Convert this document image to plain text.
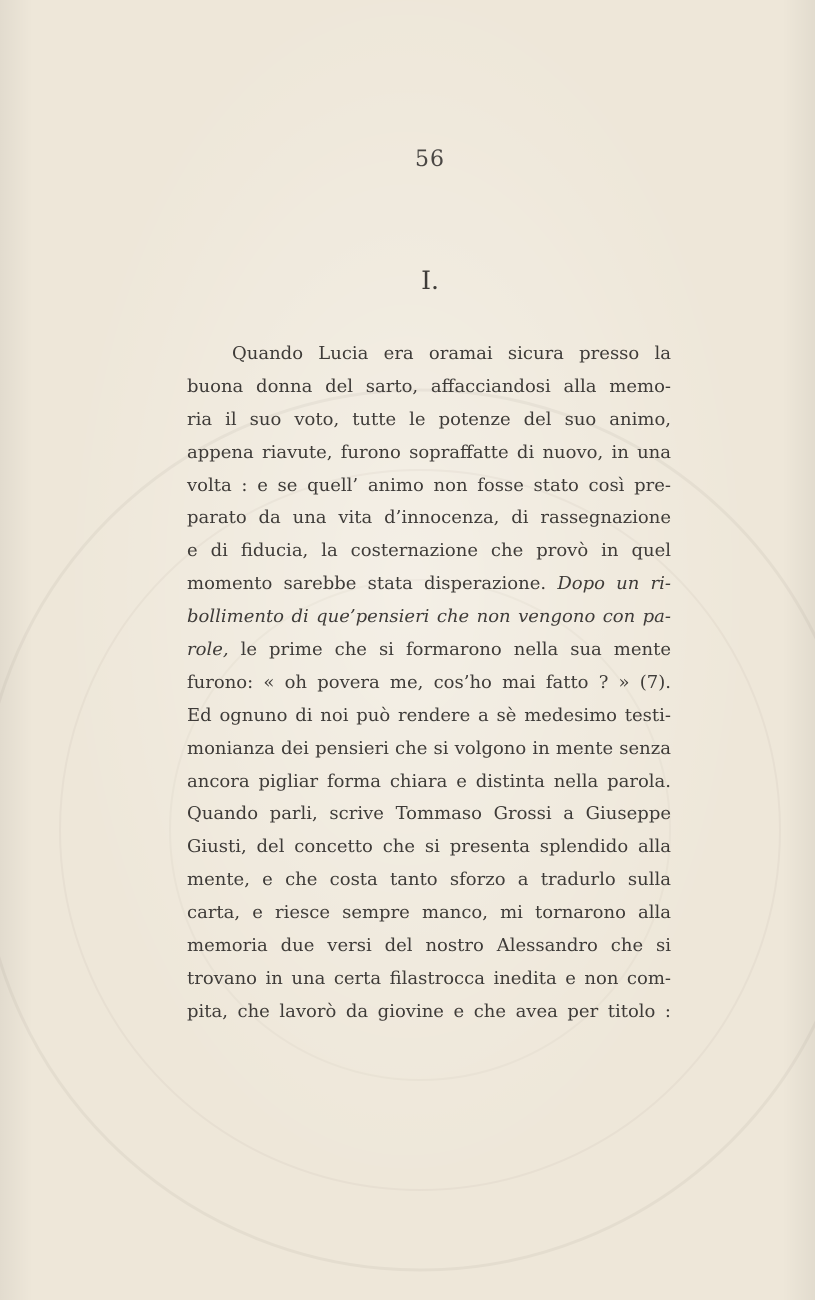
56
I.
Quando Lucia era oramai sicura presso la
buona donna del sarto, affacciandosi alla memo-
ria il suo voto, tutte le potenze del suo animo,
appena riavute, furono sopraffatte di nuovo, in una
volta : e se quell’ animo non fosse stato così pre-
parato da una vita d’innocenza, di rassegnazione
e di fiducia, la costernazione che provò in quel
momento sarebbe stata disperazione. Dopo un ri-
bollimento di que’pensieri che non vengono con pa-
role, le prime che si formarono nella sua mente
furono: « oh povera me, cos’ho mai fatto ? » (7).
Ed ognuno di noi può rendere a sè medesimo testi-
monianza dei pensieri che si volgono in mente senza
ancora pigliar forma chiara e distinta nella parola.
Quando parli, scrive Tommaso Grossi a Giuseppe
Giusti, del concetto che si presenta splendido alla
mente, e che costa tanto sforzo a tradurlo sulla
carta, e riesce sempre manco, mi tornarono alla
memoria due versi del nostro Alessandro che si
trovano in una certa filastrocca inedita e non com-
pita, che lavorò da giovine e che avea per titolo :
